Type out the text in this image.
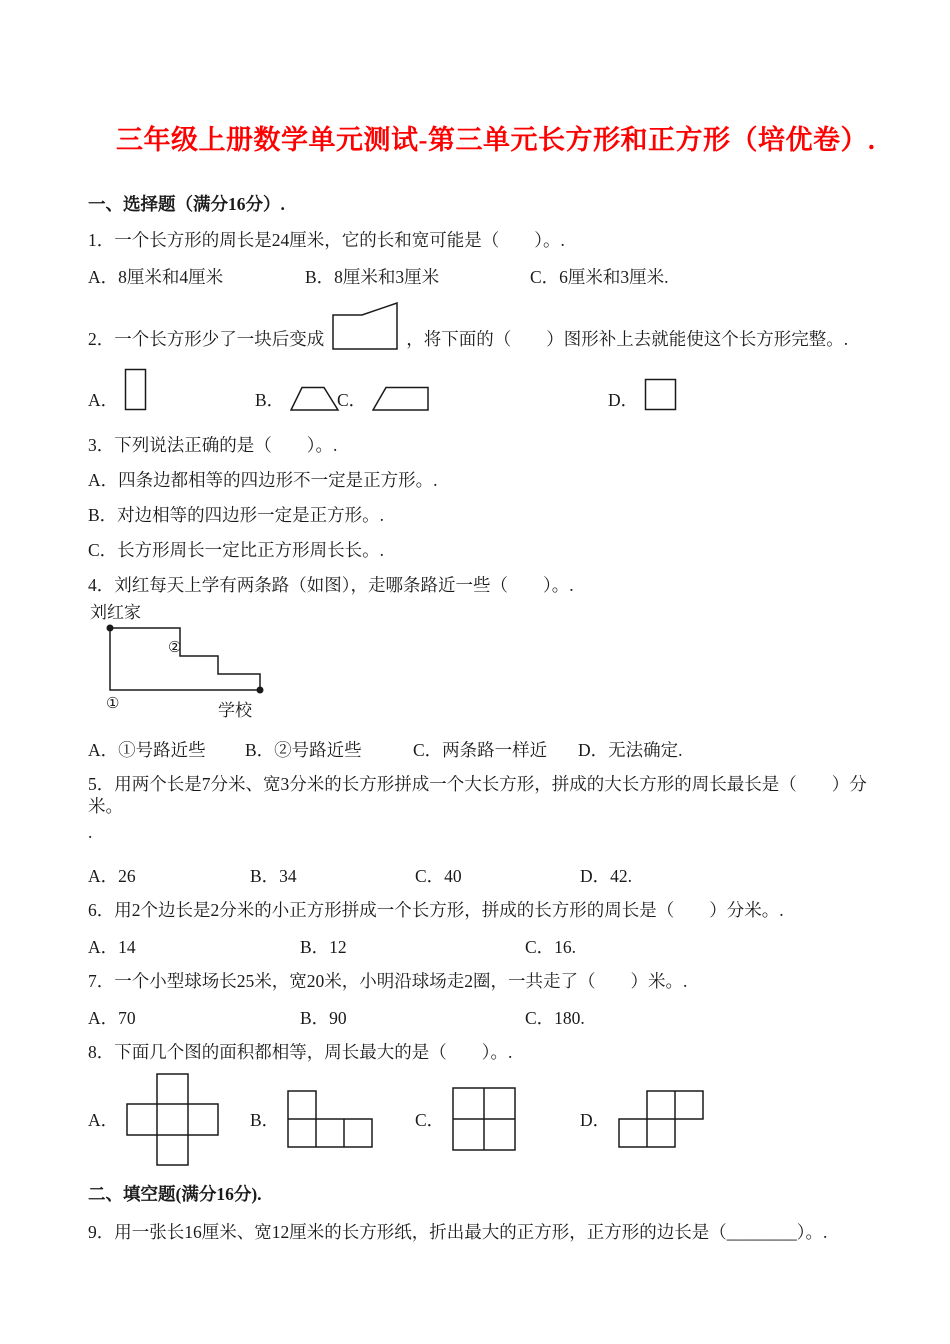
三年级上册数学单元测试-第三单元长方形和正方形（培优卷）.

一、选择题（满分16分）.

1．一个长方形的周长是24厘米，它的长和宽可能是（　　）。.

A．8厘米和4厘米	B．8厘米和3厘米	C．6厘米和3厘米.
2．一个长方形少了一块后变成	，将下面的（　　）图形补上去就能使这个长方形完整。.
A．	B．	C．	D．

3．下列说法正确的是（　　）。.

A．四条边都相等的四边形不一定是正方形。.

B．对边相等的四边形一定是正方形。.

C．长方形周长一定比正方形周长长。.

4．刘红每天上学有两条路（如图），走哪条路近一些（　　）。.

刘红家
②
①	学校
A．①号路近些 B．②号路近些	C．两条路一样近 D．无法确定.

5．用两个长是7分米、宽3分米的长方形拼成一个大长方形，拼成的大长方形的周长最长是（　　）分米。

.

A．26	B．34	C．40	D．42.

6．用2个边长是2分米的小正方形拼成一个长方形，拼成的长方形的周长是（　　）分米。.

A．14	B．12	C．16.

7．一个小型球场长25米，宽20米，小明沿球场走2圈，一共走了（　　）米。.

A．70	B．90	C．180.

8．下面几个图的面积都相等，周长最大的是（　　）。.

A．	B．	C．	D．

二、填空题(满分16分).

9．用一张长16厘米、宽12厘米的长方形纸，折出最大的正方形，正方形的边长是（________）。.
